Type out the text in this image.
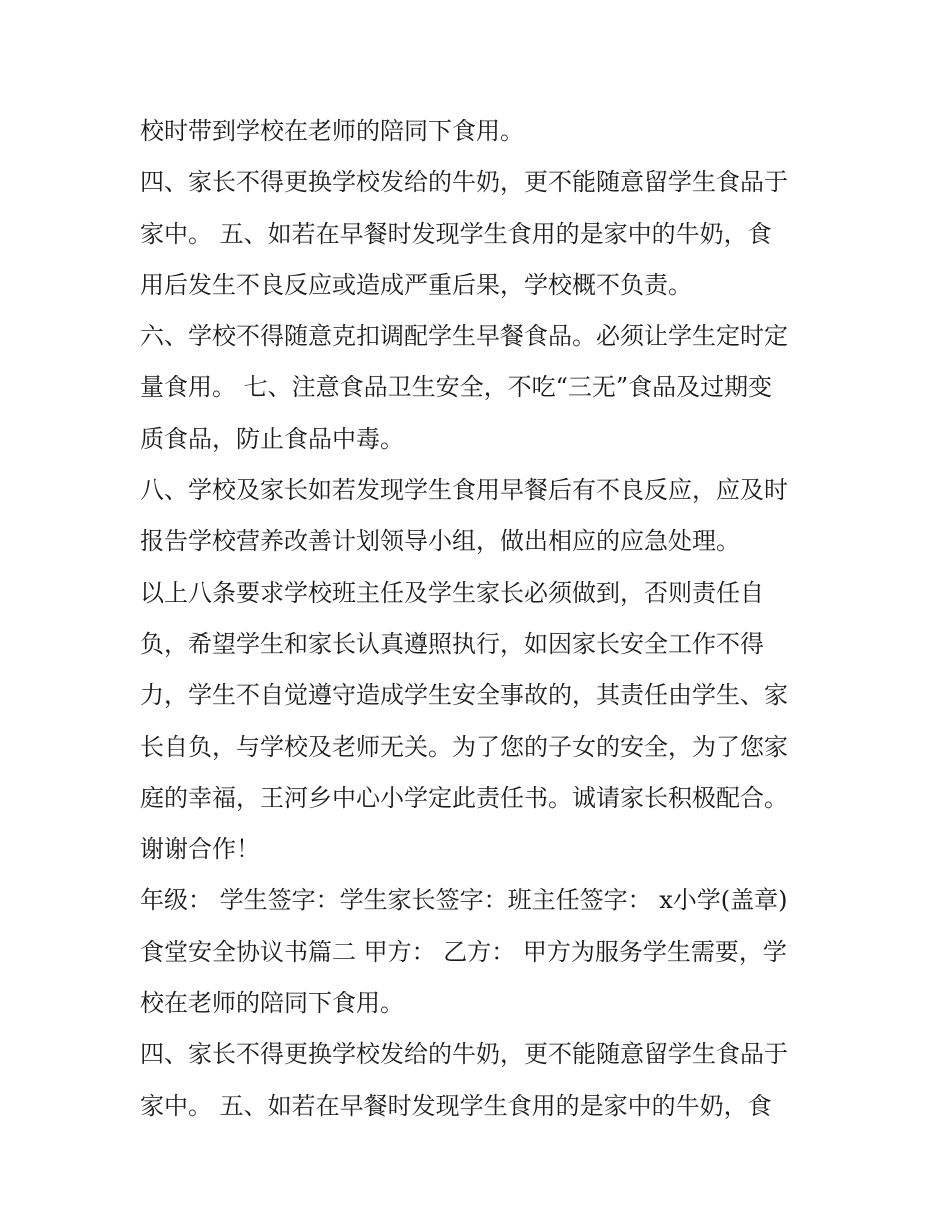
校时带到学校在老师的陪同下食用。
四、家长不得更换学校发给的牛奶，更不能随意留学生食品于
家中。 五、如若在早餐时发现学生食用的是家中的牛奶，食
用后发生不良反应或造成严重后果，学校概不负责。
六、学校不得随意克扣调配学生早餐食品。必须让学生定时定
量食用。 七、注意食品卫生安全，不吃“三无”食品及过期变
质食品，防止食品中毒。
八、学校及家长如若发现学生食用早餐后有不良反应，应及时
报告学校营养改善计划领导小组，做出相应的应急处理。
以上八条要求学校班主任及学生家长必须做到，否则责任自
负，希望学生和家长认真遵照执行，如因家长安全工作不得
力，学生不自觉遵守造成学生安全事故的，其责任由学生、家
长自负，与学校及老师无关。为了您的子女的安全，为了您家
庭的幸福，王河乡中心小学定此责任书。诚请家长积极配合。
谢谢合作！
年级： 学生签字：学生家长签字：班主任签字： x小学(盖章)
食堂安全协议书篇二 甲方： 乙方： 甲方为服务学生需要，学
校在老师的陪同下食用。
四、家长不得更换学校发给的牛奶，更不能随意留学生食品于
家中。 五、如若在早餐时发现学生食用的是家中的牛奶，食
